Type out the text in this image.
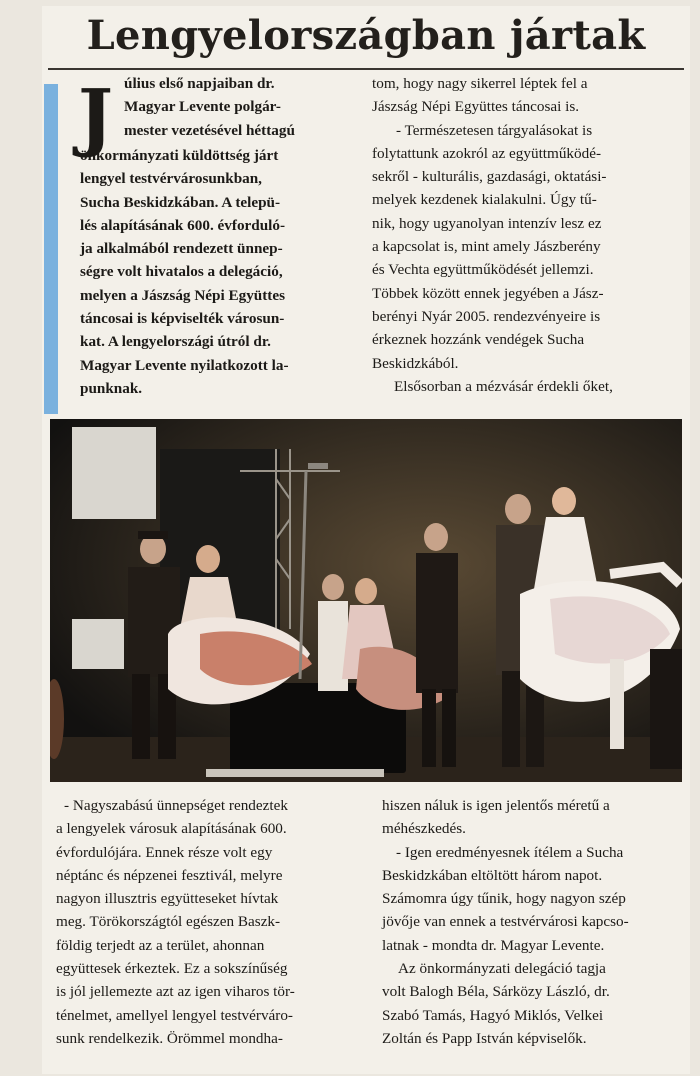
Lengyelországban jártak
J úlius első napjaiban dr.
Magyar Levente polgár-
mester vezetésével héttagú
önkormányzati küldöttség járt
lengyel testvérvárosunkban,
Sucha Beskidzkában. A telepü-
lés alapításának 600. évforduló-
ja alkalmából rendezett ünnep-
ségre volt hivatalos a delegáció,
melyen a Jászság Népi Együttes
táncosai is képviselték városun-
kat. A lengyelországi útról dr.
Magyar Levente nyilatkozott la-
punknak.
tom, hogy nagy sikerrel léptek fel a
Jászság Népi Együttes táncosai is.
- Természetesen tárgyalásokat is
folytattunk azokról az együttműködé-
sekről - kulturális, gazdasági, oktatási-
melyek kezdenek kialakulni. Úgy tű-
nik, hogy ugyanolyan intenzív lesz ez
a kapcsolat is, mint amely Jászberény
és Vechta együttműködését jellemzi.
Többek között ennek jegyében a Jász-
berényi Nyár 2005. rendezvényeire is
érkeznek hozzánk vendégek Sucha
Beskidzkából.
Elsősorban a mézvásár érdekli őket,
- Nagyszabású ünnepséget rendeztek
a lengyelek városuk alapításának 600.
évfordulójára. Ennek része volt egy
néptánc és népzenei fesztivál, melyre
nagyon illusztris együtteseket hívtak
meg. Törökországtól egészen Baszk-
földig terjedt az a terület, ahonnan
együttesek érkeztek. Ez a sokszínűség
is jól jellemezte azt az igen viharos tör-
ténelmet, amellyel lengyel testvérváro-
sunk rendelkezik. Örömmel mondha-
hiszen náluk is igen jelentős méretű a
méhészkedés.
- Igen eredményesnek ítélem a Sucha
Beskidzkában eltöltött három napot.
Számomra úgy tűnik, hogy nagyon szép
jövője van ennek a testvérvárosi kapcso-
latnak - mondta dr. Magyar Levente.
Az önkormányzati delegáció tagja
volt Balogh Béla, Sárközy László, dr.
Szabó Tamás, Hagyó Miklós, Velkei
Zoltán és Papp István képviselők.
